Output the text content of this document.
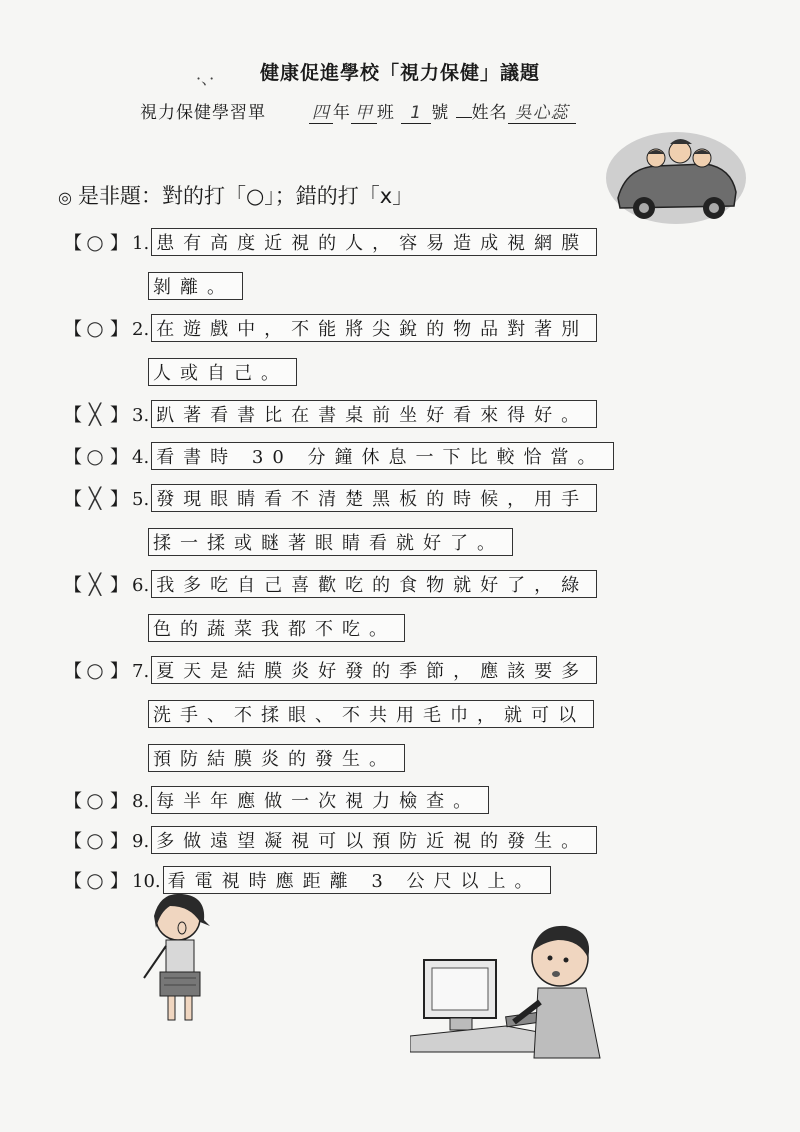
·、· 健康促進學校「視力保健」議題
視力保健學習單	四 年 甲 班 1 號 姓名 吳心蕊
◎ 是非題：對的打「○」；錯的打「x」
【 ○ 】 1. 患有高度近視的人，容易造成視網膜
剝離。
【 ○ 】 2. 在遊戲中，不能將尖銳的物品對著別
人或自己。
【 ╳ 】 3. 趴著看書比在書桌前坐好看來得好。
【 ○ 】 4. 看書時 30 分鐘休息一下比較恰當。
【 ╳ 】 5. 發現眼睛看不清楚黑板的時候，用手
揉一揉或瞇著眼睛看就好了。
【 ╳ 】 6. 我多吃自己喜歡吃的食物就好了，綠
色的蔬菜我都不吃。
【 ○ 】 7. 夏天是結膜炎好發的季節，應該要多
洗手、不揉眼、不共用毛巾，就可以
預防結膜炎的發生。
【 ○ 】 8. 每半年應做一次視力檢查。
【 ○ 】 9. 多做遠望凝視可以預防近視的發生。
【 ○ 】 10. 看電視時應距離 3 公尺以上。
